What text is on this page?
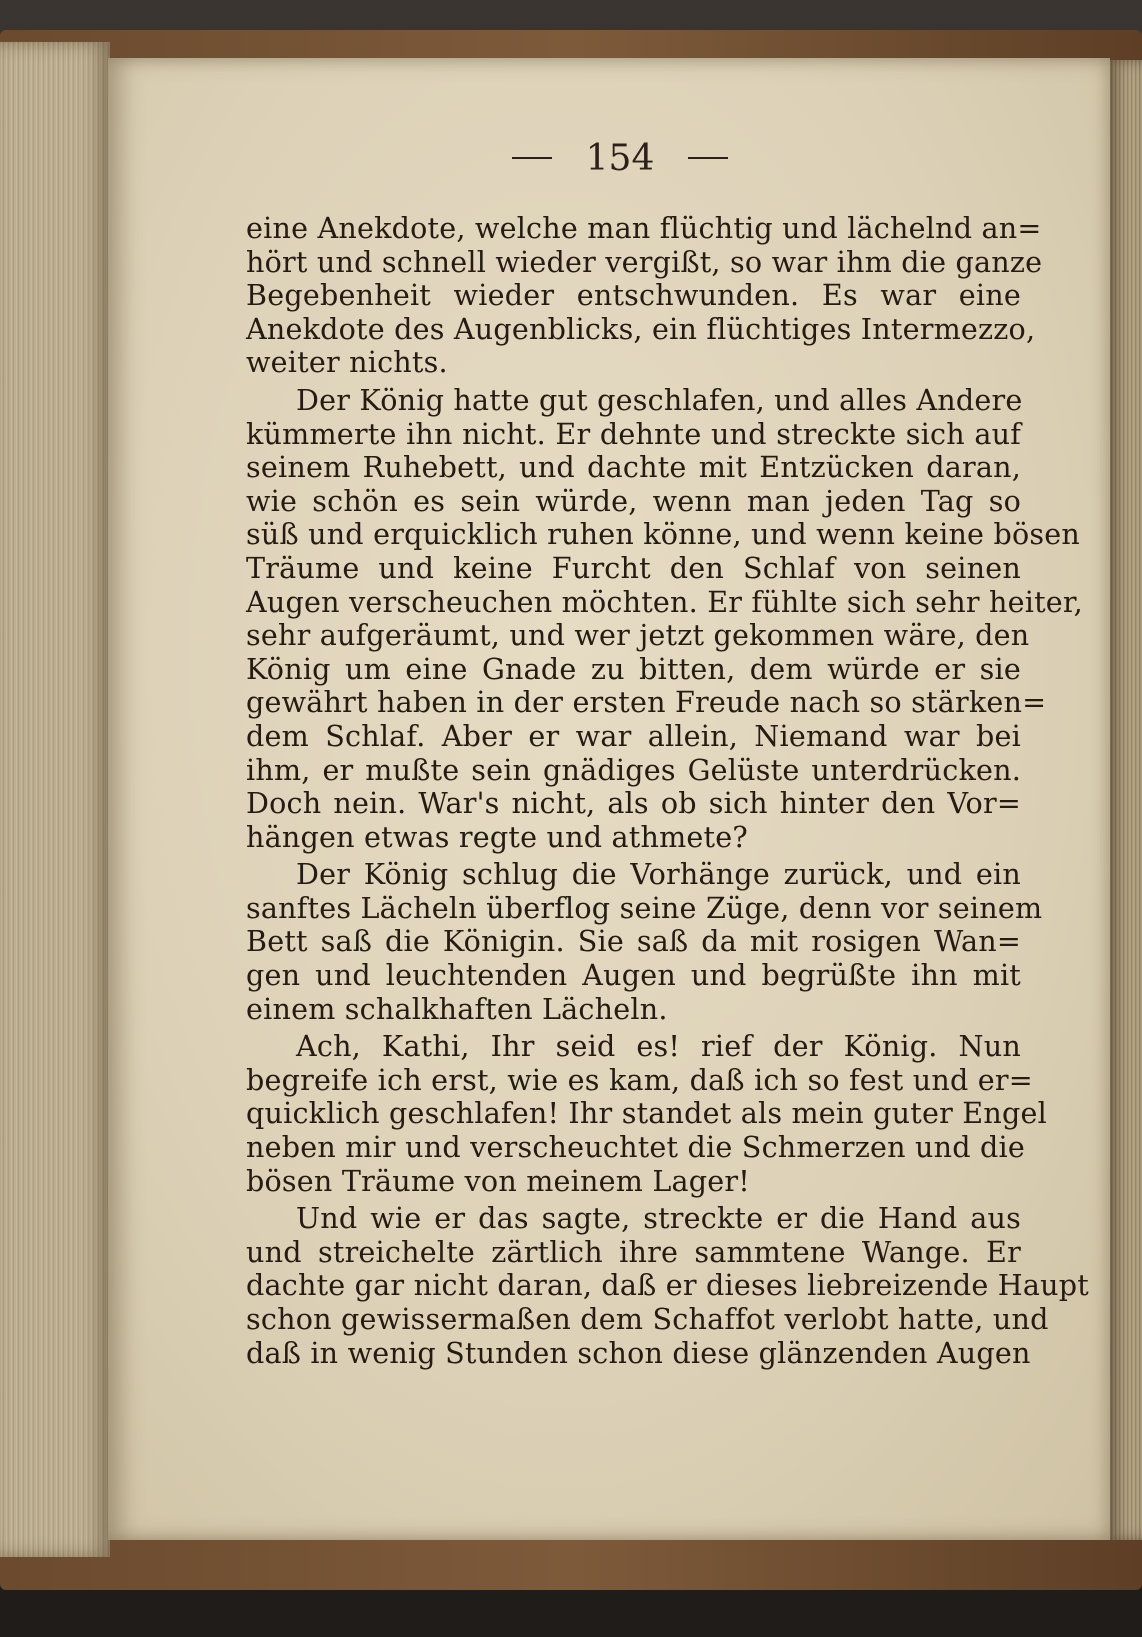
154
eine Anekdote, welche man flüchtig und lächelnd an=
hört und schnell wieder vergißt, so war ihm die ganze
Begebenheit wieder entschwunden. Es war eine
Anekdote des Augenblicks, ein flüchtiges Intermezzo,
weiter nichts.
Der König hatte gut geschlafen, und alles Andere
kümmerte ihn nicht. Er dehnte und streckte sich auf
seinem Ruhebett, und dachte mit Entzücken daran,
wie schön es sein würde, wenn man jeden Tag so
süß und erquicklich ruhen könne, und wenn keine bösen
Träume und keine Furcht den Schlaf von seinen
Augen verscheuchen möchten. Er fühlte sich sehr heiter,
sehr aufgeräumt, und wer jetzt gekommen wäre, den
König um eine Gnade zu bitten, dem würde er sie
gewährt haben in der ersten Freude nach so stärken=
dem Schlaf. Aber er war allein, Niemand war bei
ihm, er mußte sein gnädiges Gelüste unterdrücken.
Doch nein. War's nicht, als ob sich hinter den Vor=
hängen etwas regte und athmete?
Der König schlug die Vorhänge zurück, und ein
sanftes Lächeln überflog seine Züge, denn vor seinem
Bett saß die Königin. Sie saß da mit rosigen Wan=
gen und leuchtenden Augen und begrüßte ihn mit
einem schalkhaften Lächeln.
Ach, Kathi, Ihr seid es! rief der König. Nun
begreife ich erst, wie es kam, daß ich so fest und er=
quicklich geschlafen! Ihr standet als mein guter Engel
neben mir und verscheuchtet die Schmerzen und die
bösen Träume von meinem Lager!
Und wie er das sagte, streckte er die Hand aus
und streichelte zärtlich ihre sammtene Wange. Er
dachte gar nicht daran, daß er dieses liebreizende Haupt
schon gewissermaßen dem Schaffot verlobt hatte, und
daß in wenig Stunden schon diese glänzenden Augen
